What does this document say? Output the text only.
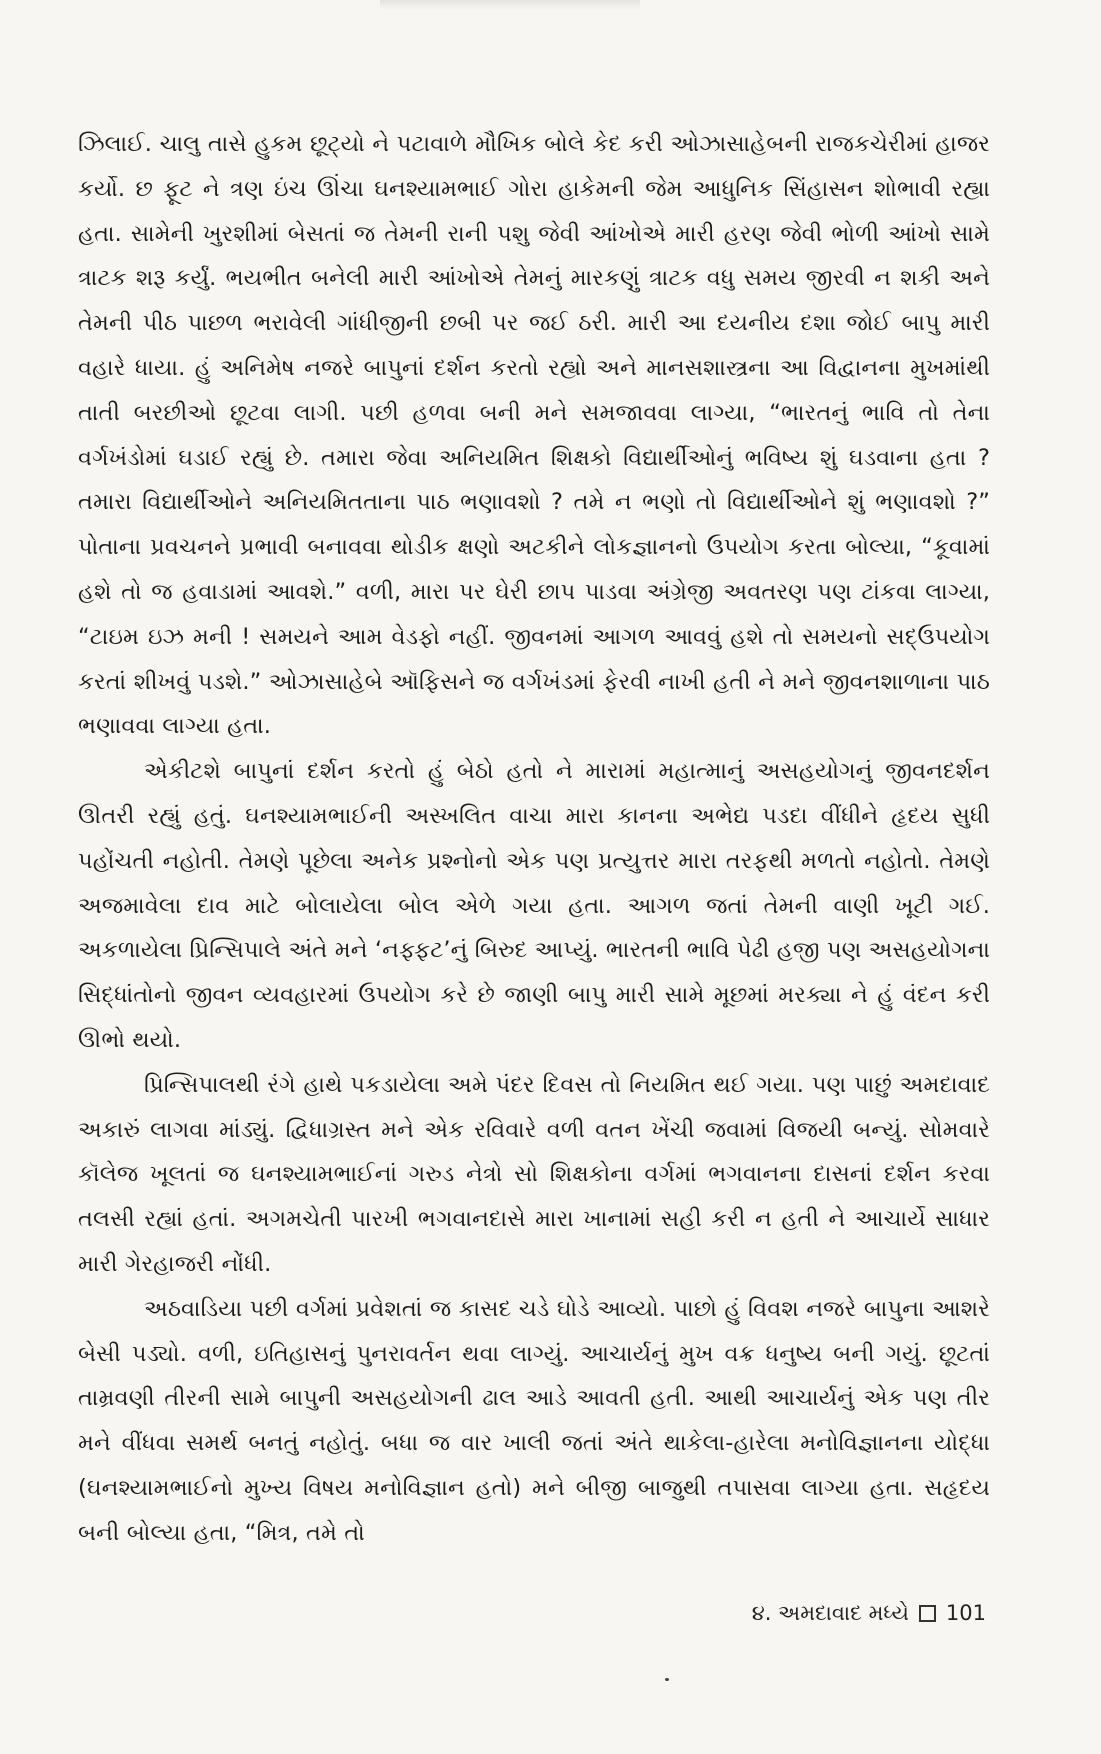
ઝિલાઈ. ચાલુ તાસે હુકમ છૂટ્યો ને પટાવાળે મૌખિક બોલે કેદ કરી ઓઝાસાહેબની રાજકચેરીમાં હાજર કર્યો. છ ફૂટ ને ત્રણ ઇંચ ઊંચા ઘનશ્યામભાઈ ગોરા હાકેમની જેમ આધુનિક સિંહાસન શોભાવી રહ્યા હતા. સામેની ખુરશીમાં બેસતાં જ તેમની રાની પશુ જેવી આંખોએ મારી હરણ જેવી ભોળી આંખો સામે ત્રાટક શરૂ કર્યું. ભયભીત બનેલી મારી આંખોએ તેમનું મારકણું ત્રાટક વધુ સમય જીરવી ન શકી અને તેમની પીઠ પાછળ ભરાવેલી ગાંધીજીની છબી પર જઈ ઠરી. મારી આ દયનીય દશા જોઈ બાપુ મારી વહારે ધાયા. હું અનિમેષ નજરે બાપુનાં દર્શન કરતો રહ્યો અને માનસશાસ્ત્રના આ વિદ્વાનના મુખમાંથી તાતી બરછીઓ છૂટવા લાગી. પછી હળવા બની મને સમજાવવા લાગ્યા, “ભારતનું ભાવિ તો તેના વર્ગખંડોમાં ઘડાઈ રહ્યું છે. તમારા જેવા અનિયમિત શિક્ષકો વિદ્યાર્થીઓનું ભવિષ્ય શું ઘડવાના હતા ? તમારા વિદ્યાર્થીઓને અનિયમિતતાના પાઠ ભણાવશો ? તમે ન ભણો તો વિદ્યાર્થીઓને શું ભણાવશો ?” પોતાના પ્રવચનને પ્રભાવી બનાવવા થોડીક ક્ષણો અટકીને લોકજ્ઞાનનો ઉપયોગ કરતા બોલ્યા, “કૂવામાં હશે તો જ હવાડામાં આવશે.” વળી, મારા પર ઘેરી છાપ પાડવા અંગ્રેજી અવતરણ પણ ટાંકવા લાગ્યા, “ટાઇમ ઇઝ મની ! સમયને આમ વેડફો નહીં. જીવનમાં આગળ આવવું હશે તો સમયનો સદ્ઉપયોગ કરતાં શીખવું પડશે.” ઓઝાસાહેબે ઑફિસને જ વર્ગખંડમાં ફેરવી નાખી હતી ને મને જીવનશાળાના પાઠ ભણાવવા લાગ્યા હતા.

એકીટશે બાપુનાં દર્શન કરતો હું બેઠો હતો ને મારામાં મહાત્માનું અસહયોગનું જીવનદર્શન ઊતરી રહ્યું હતું. ઘનશ્યામભાઈની અસ્ખલિત વાચા મારા કાનના અભેદ્ય પડદા વીંધીને હૃદય સુધી પહોંચતી નહોતી. તેમણે પૂછેલા અનેક પ્રશ્નોનો એક પણ પ્રત્યુત્તર મારા તરફથી મળતો નહોતો. તેમણે અજમાવેલા દાવ માટે બોલાયેલા બોલ એળે ગયા હતા. આગળ જતાં તેમની વાણી ખૂટી ગઈ. અકળાયેલા પ્રિન્સિપાલે અંતે મને ‘નફ્ફટ’નું બિરુદ આપ્યું. ભારતની ભાવિ પેઢી હજી પણ અસહયોગના સિદ્ધાંતોનો જીવન વ્યવહારમાં ઉપયોગ કરે છે જાણી બાપુ મારી સામે મૂછમાં મરક્યા ને હું વંદન કરી ઊભો થયો.

પ્રિન્સિપાલથી રંગે હાથે પકડાયેલા અમે પંદર દિવસ તો નિયમિત થઈ ગયા. પણ પાછું અમદાવાદ અકારું લાગવા માંડ્યું. દ્વિધાગ્રસ્ત મને એક રવિવારે વળી વતન ખેંચી જવામાં વિજયી બન્યું. સોમવારે કૉલેજ ખૂલતાં જ ઘનશ્યામભાઈનાં ગરુડ નેત્રો સો શિક્ષકોના વર્ગમાં ભગવાનના દાસનાં દર્શન કરવા તલસી રહ્યાં હતાં. અગમચેતી પારખી ભગવાનદાસે મારા ખાનામાં સહી કરી ન હતી ને આચાર્યે સાધાર મારી ગેરહાજરી નોંધી.

અઠવાડિયા પછી વર્ગમાં પ્રવેશતાં જ કાસદ ચડે ઘોડે આવ્યો. પાછો હું વિવશ નજરે બાપુના આશરે બેસી પડ્યો. વળી, ઇતિહાસનું પુનરાવર્તન થવા લાગ્યું. આચાર્યનું મુખ વક્ર ધનુષ્ય બની ગયું. છૂટતાં તામ્રવણી તીરની સામે બાપુની અસહયોગની ઢાલ આડે આવતી હતી. આથી આચાર્યનું એક પણ તીર મને વીંધવા સમર્થ બનતું નહોતું. બધા જ વાર ખાલી જતાં અંતે થાકેલા-હારેલા મનોવિજ્ઞાનના યોદ્ધા (ઘનશ્યામભાઈનો મુખ્ય વિષય મનોવિજ્ઞાન હતો) મને બીજી બાજુથી તપાસવા લાગ્યા હતા. સહૃદય બની બોલ્યા હતા, “મિત્ર, તમે તો

૪. અમદાવાદ મધ્યે 101
